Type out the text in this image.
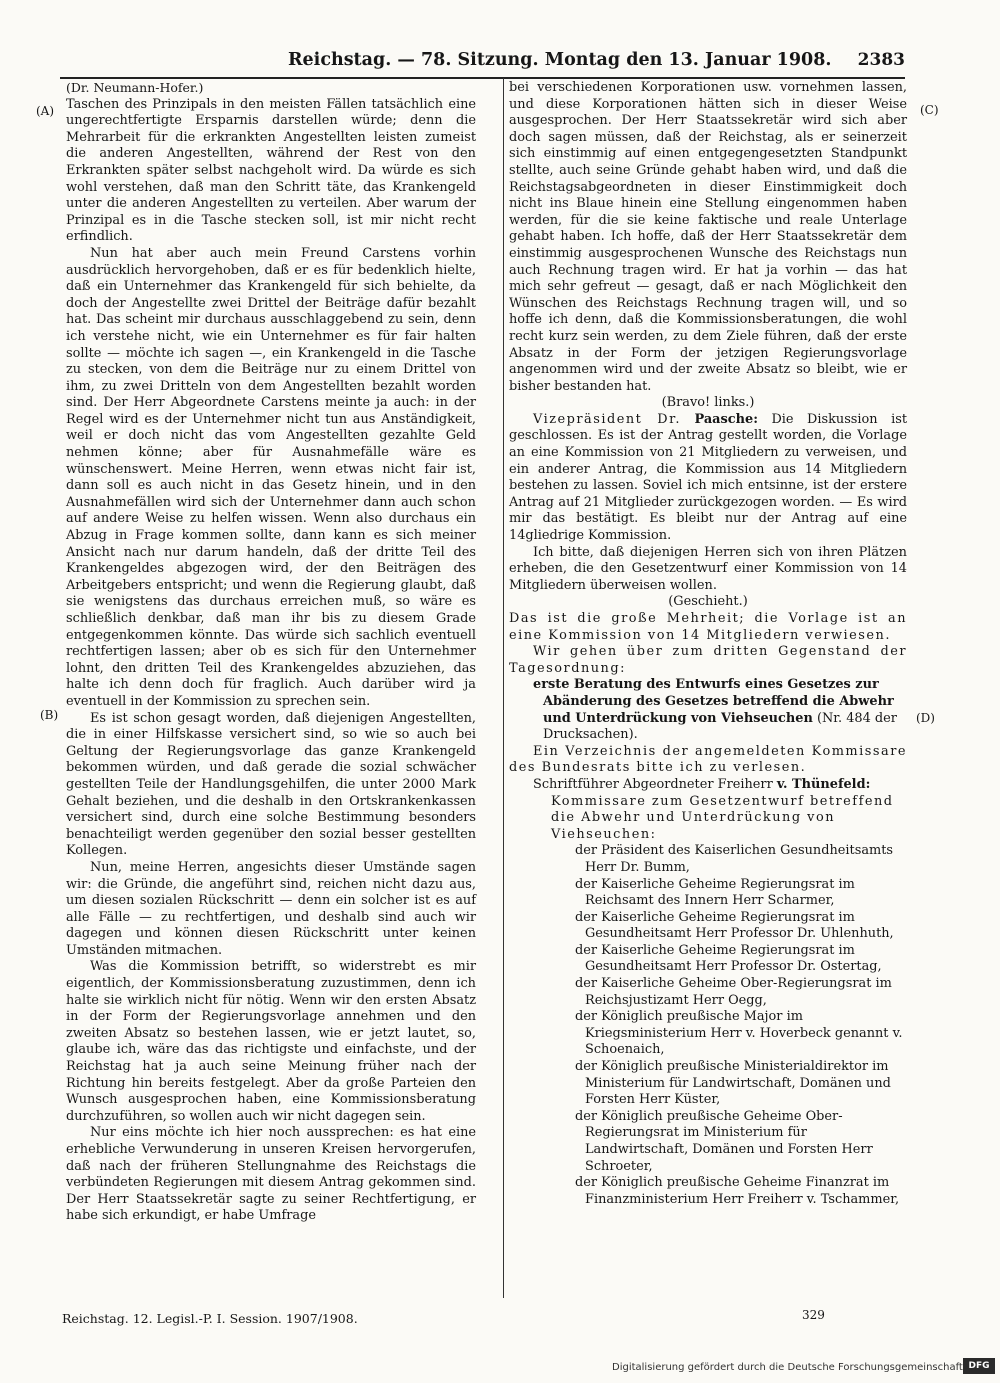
Reichstag. — 78. Sitzung. Montag den 13. Januar 1908. 2383
(A)
(B)
(C)
(D)

(Dr. Neumann-Hofer.)

Taschen des Prinzipals in den meisten Fällen tatsächlich eine ungerechtfertigte Ersparnis darstellen würde; denn die Mehrarbeit für die erkrankten Angestellten leisten zumeist die anderen Angestellten, während der Rest von den Erkrankten später selbst nachgeholt wird. Da würde es sich wohl verstehen, daß man den Schritt täte, das Krankengeld unter die anderen Angestellten zu verteilen. Aber warum der Prinzipal es in die Tasche stecken soll, ist mir nicht recht erfindlich.

Nun hat aber auch mein Freund Carstens vorhin ausdrücklich hervorgehoben, daß er es für bedenklich hielte, daß ein Unternehmer das Krankengeld für sich behielte, da doch der Angestellte zwei Drittel der Beiträge dafür bezahlt hat. Das scheint mir durchaus ausschlaggebend zu sein, denn ich verstehe nicht, wie ein Unternehmer es für fair halten sollte — möchte ich sagen —, ein Krankengeld in die Tasche zu stecken, von dem die Beiträge nur zu einem Drittel von ihm, zu zwei Dritteln von dem Angestellten bezahlt worden sind. Der Herr Abgeordnete Carstens meinte ja auch: in der Regel wird es der Unternehmer nicht tun aus Anständigkeit, weil er doch nicht das vom Angestellten gezahlte Geld nehmen könne; aber für Ausnahmefälle wäre es wünschenswert. Meine Herren, wenn etwas nicht fair ist, dann soll es auch nicht in das Gesetz hinein, und in den Ausnahmefällen wird sich der Unternehmer dann auch schon auf andere Weise zu helfen wissen. Wenn also durchaus ein Abzug in Frage kommen sollte, dann kann es sich meiner Ansicht nach nur darum handeln, daß der dritte Teil des Krankengeldes abgezogen wird, der den Beiträgen des Arbeitgebers entspricht; und wenn die Regierung glaubt, daß sie wenigstens das durchaus erreichen muß, so wäre es schließlich denkbar, daß man ihr bis zu diesem Grade entgegenkommen könnte. Das würde sich sachlich eventuell rechtfertigen lassen; aber ob es sich für den Unternehmer lohnt, den dritten Teil des Krankengeldes abzuziehen, das halte ich denn doch für fraglich. Auch darüber wird ja eventuell in der Kommission zu sprechen sein.

Es ist schon gesagt worden, daß diejenigen Angestellten, die in einer Hilfskasse versichert sind, so wie so auch bei Geltung der Regierungsvorlage das ganze Krankengeld bekommen würden, und daß gerade die sozial schwächer gestellten Teile der Handlungsgehilfen, die unter 2000 Mark Gehalt beziehen, und die deshalb in den Ortskrankenkassen versichert sind, durch eine solche Bestimmung besonders benachteiligt werden gegenüber den sozial besser gestellten Kollegen.

Nun, meine Herren, angesichts dieser Umstände sagen wir: die Gründe, die angeführt sind, reichen nicht dazu aus, um diesen sozialen Rückschritt — denn ein solcher ist es auf alle Fälle — zu rechtfertigen, und deshalb sind auch wir dagegen und können diesen Rückschritt unter keinen Umständen mitmachen.

Was die Kommission betrifft, so widerstrebt es mir eigentlich, der Kommissionsberatung zuzustimmen, denn ich halte sie wirklich nicht für nötig. Wenn wir den ersten Absatz in der Form der Regierungsvorlage annehmen und den zweiten Absatz so bestehen lassen, wie er jetzt lautet, so, glaube ich, wäre das das richtigste und einfachste, und der Reichstag hat ja auch seine Meinung früher nach der Richtung hin bereits festgelegt. Aber da große Parteien den Wunsch ausgesprochen haben, eine Kommissionsberatung durchzuführen, so wollen auch wir nicht dagegen sein.

Nur eins möchte ich hier noch aussprechen: es hat eine erhebliche Verwunderung in unseren Kreisen hervorgerufen, daß nach der früheren Stellungnahme des Reichstags die verbündeten Regierungen mit diesem Antrag gekommen sind. Der Herr Staatssekretär sagte zu seiner Rechtfertigung, er habe sich erkundigt, er habe Umfrage

bei verschiedenen Korporationen usw. vornehmen lassen, und diese Korporationen hätten sich in dieser Weise ausgesprochen. Der Herr Staatssekretär wird sich aber doch sagen müssen, daß der Reichstag, als er seinerzeit sich einstimmig auf einen entgegengesetzten Standpunkt stellte, auch seine Gründe gehabt haben wird, und daß die Reichstagsabgeordneten in dieser Einstimmigkeit doch nicht ins Blaue hinein eine Stellung eingenommen haben werden, für die sie keine faktische und reale Unterlage gehabt haben. Ich hoffe, daß der Herr Staatssekretär dem einstimmig ausgesprochenen Wunsche des Reichstags nun auch Rechnung tragen wird. Er hat ja vorhin — das hat mich sehr gefreut — gesagt, daß er nach Möglichkeit den Wünschen des Reichstags Rechnung tragen will, und so hoffe ich denn, daß die Kommissionsberatungen, die wohl recht kurz sein werden, zu dem Ziele führen, daß der erste Absatz in der Form der jetzigen Regierungsvorlage angenommen wird und der zweite Absatz so bleibt, wie er bisher bestanden hat.

(Bravo! links.)

Vizepräsident Dr. Paasche: Die Diskussion ist geschlossen. Es ist der Antrag gestellt worden, die Vorlage an eine Kommission von 21 Mitgliedern zu verweisen, und ein anderer Antrag, die Kommission aus 14 Mitgliedern bestehen zu lassen. Soviel ich mich entsinne, ist der erstere Antrag auf 21 Mitglieder zurückgezogen worden. — Es wird mir das bestätigt. Es bleibt nur der Antrag auf eine 14gliedrige Kommission.

Ich bitte, daß diejenigen Herren sich von ihren Plätzen erheben, die den Gesetzentwurf einer Kommission von 14 Mitgliedern überweisen wollen.

(Geschieht.)

Das ist die große Mehrheit; die Vorlage ist an eine Kommission von 14 Mitgliedern verwiesen.

Wir gehen über zum dritten Gegenstand der Tagesordnung:

erste Beratung des Entwurfs eines Gesetzes zur Abänderung des Gesetzes betreffend die Abwehr und Unterdrückung von Viehseuchen (Nr. 484 der Drucksachen).

Ein Verzeichnis der angemeldeten Kommissare des Bundesrats bitte ich zu verlesen.

Schriftführer Abgeordneter Freiherr v. Thünefeld:

Kommissare zum Gesetzentwurf betreffend die Abwehr und Unterdrückung von Viehseuchen:

der Präsident des Kaiserlichen Gesundheitsamts Herr Dr. Bumm,

der Kaiserliche Geheime Regierungsrat im Reichsamt des Innern Herr Scharmer,

der Kaiserliche Geheime Regierungsrat im Gesundheitsamt Herr Professor Dr. Uhlenhuth,

der Kaiserliche Geheime Regierungsrat im Gesundheitsamt Herr Professor Dr. Ostertag,

der Kaiserliche Geheime Ober-Regierungsrat im Reichsjustizamt Herr Oegg,

der Königlich preußische Major im Kriegsministerium Herr v. Hoverbeck genannt v. Schoenaich,

der Königlich preußische Ministerialdirektor im Ministerium für Landwirtschaft, Domänen und Forsten Herr Küster,

der Königlich preußische Geheime Ober-Regierungsrat im Ministerium für Landwirtschaft, Domänen und Forsten Herr Schroeter,

der Königlich preußische Geheime Finanzrat im Finanzministerium Herr Freiherr v. Tschammer,

Reichstag. 12. Legisl.-P. I. Session. 1907/1908.	329
Digitalisierung gefördert durch die Deutsche Forschungsgemeinschaft DFG
